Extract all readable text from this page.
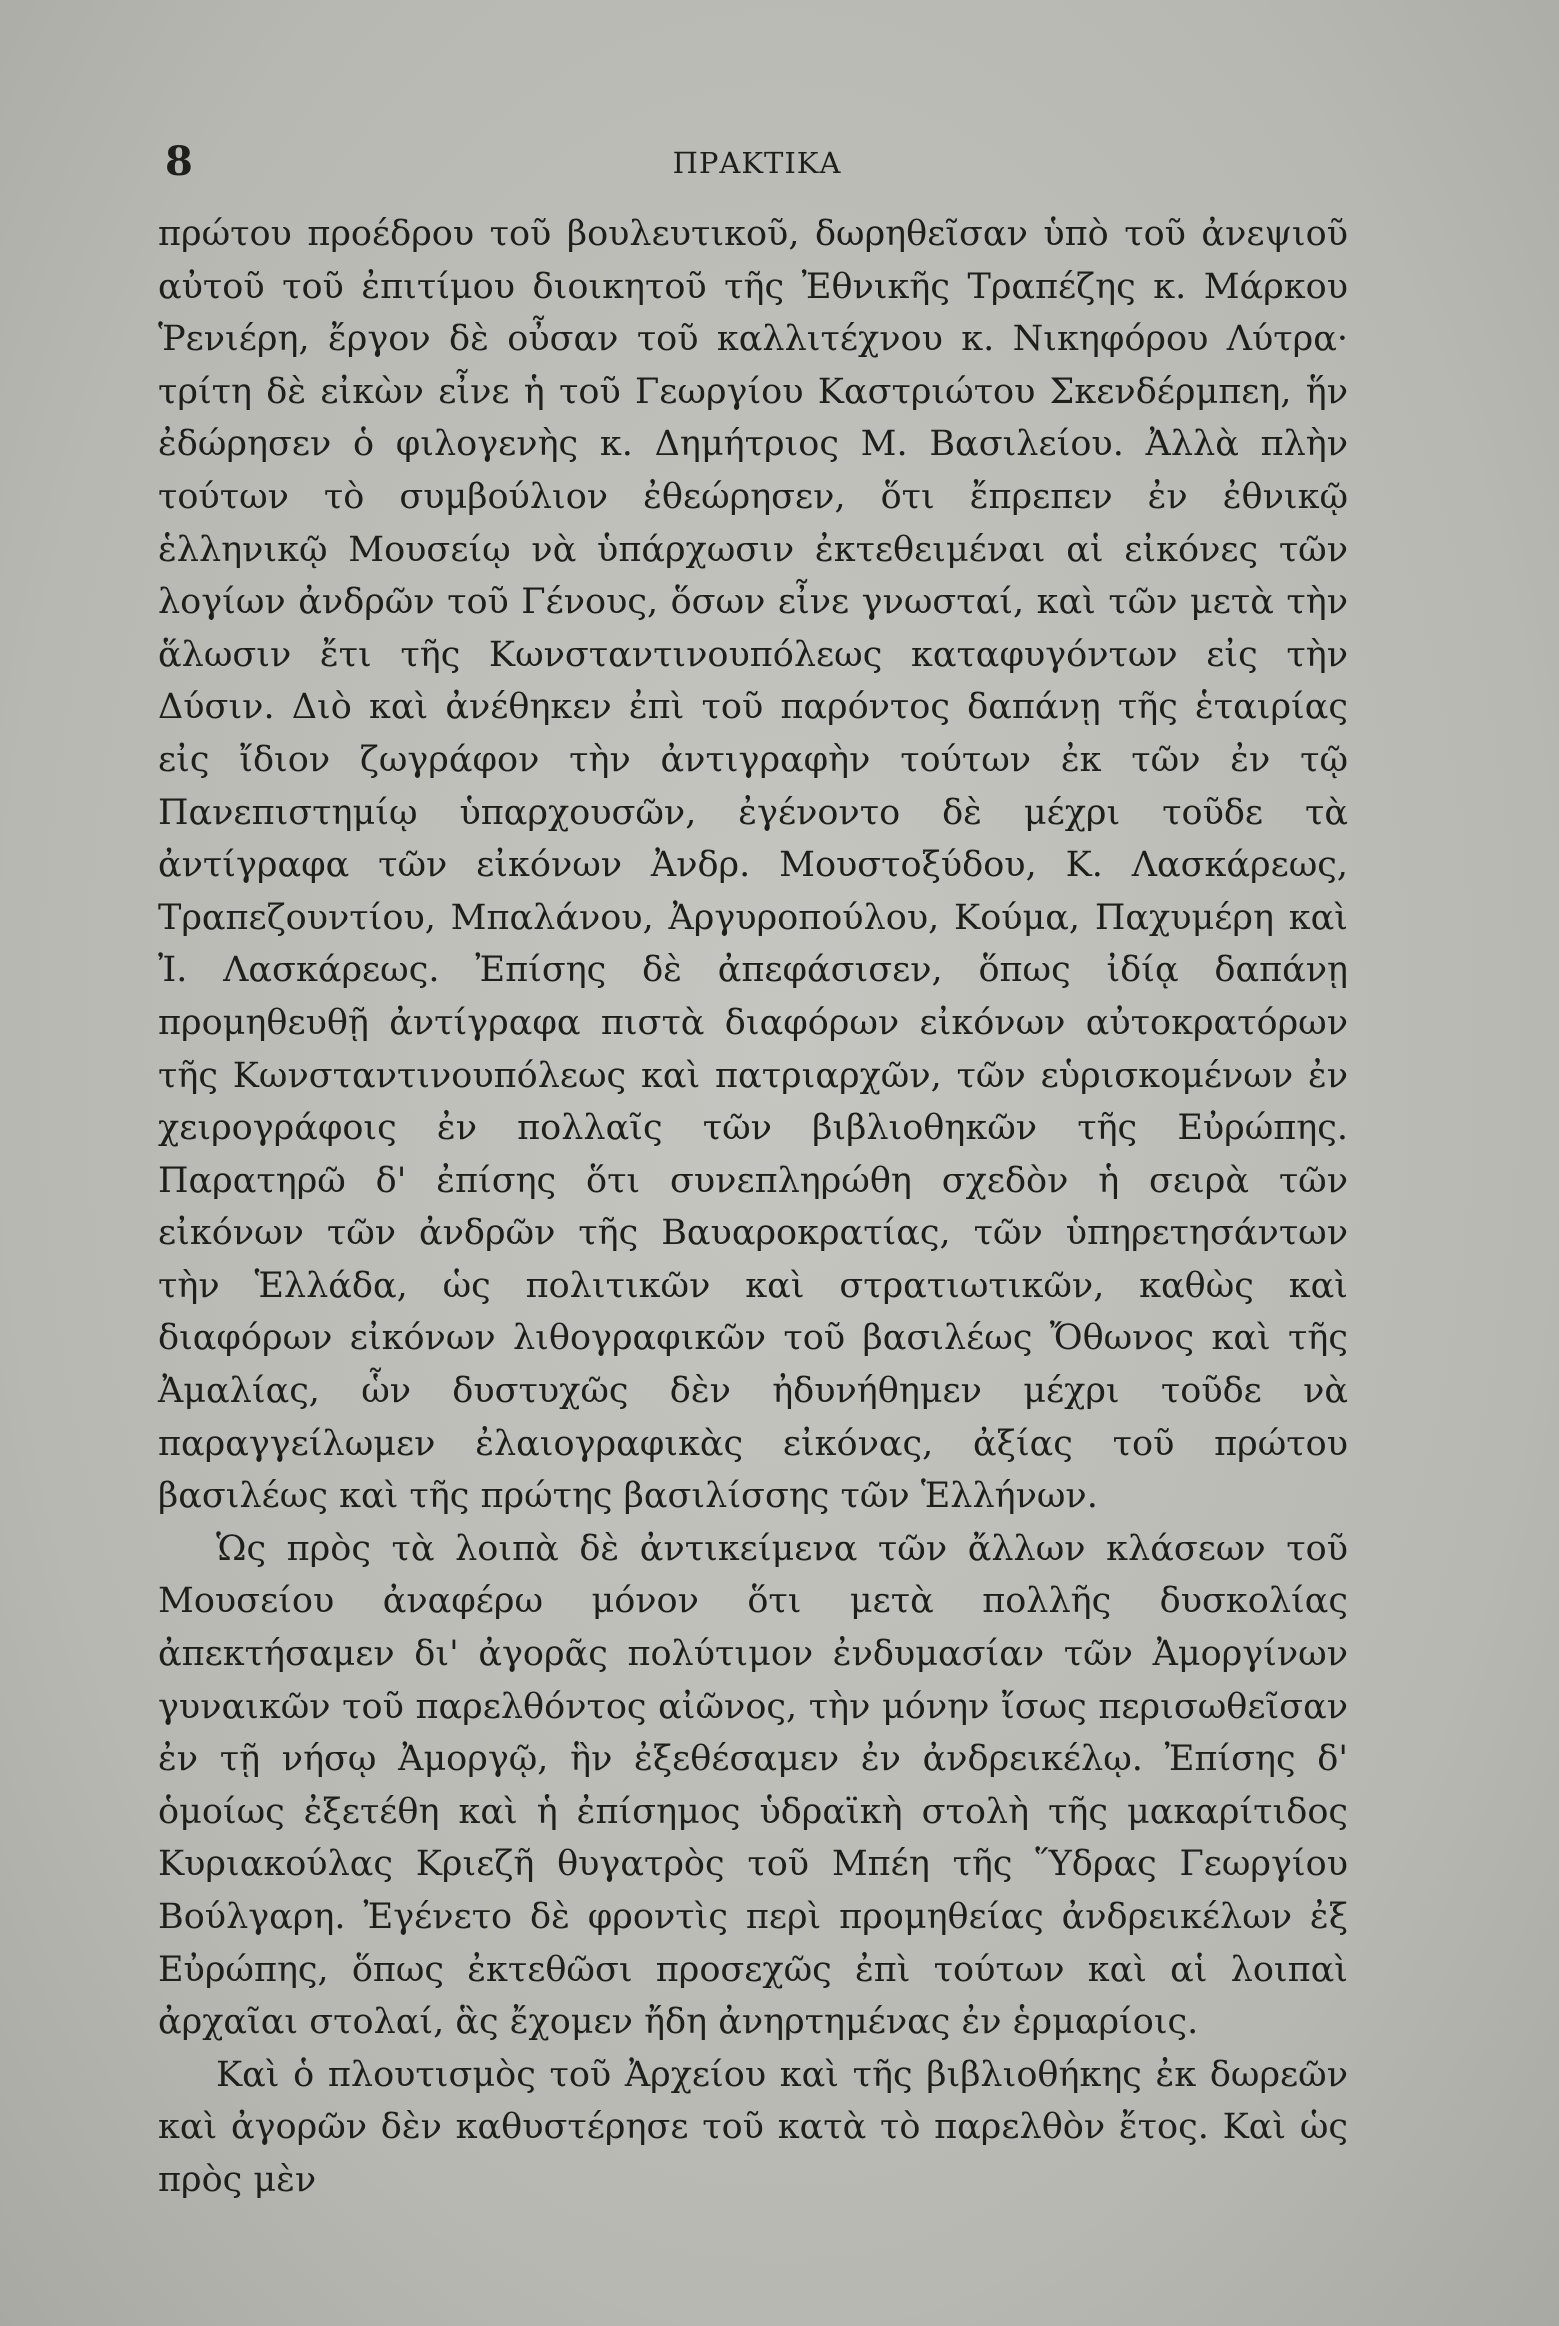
8	ΠΡΑΚΤΙΚΑ

πρώτου προέδρου τοῦ βουλευτικοῦ, δωρηθεῖσαν ὑπὸ τοῦ ἀνεψιοῦ αὐτοῦ τοῦ ἐπιτίμου διοικητοῦ τῆς Ἐθνικῆς Τραπέζης κ. Μάρκου Ῥενιέρη, ἔργον δὲ οὖσαν τοῦ καλλιτέχνου κ. Νικηφόρου Λύτρα· τρίτη δὲ εἰκὼν εἶνε ἡ τοῦ Γεωργίου Καστριώτου Σκενδέρμπεη, ἥν ἐδώρησεν ὁ φιλογενὴς κ. Δημήτριος Μ. Βασιλείου. Ἀλλὰ πλὴν τούτων τὸ συμβούλιον ἐθεώρησεν, ὅτι ἔπρεπεν ἐν ἐθνικῷ ἑλληνικῷ Μουσείῳ νὰ ὑπάρχωσιν ἐκτεθειμέναι αἱ εἰκόνες τῶν λογίων ἀνδρῶν τοῦ Γένους, ὅσων εἶνε γνωσταί, καὶ τῶν μετὰ τὴν ἅλωσιν ἔτι τῆς Κωνσταντινουπόλεως καταφυγόντων εἰς τὴν Δύσιν. Διὸ καὶ ἀνέθηκεν ἐπὶ τοῦ παρόντος δαπάνῃ τῆς ἑταιρίας εἰς ἴδιον ζωγράφον τὴν ἀντιγραφὴν τούτων ἐκ τῶν ἐν τῷ Πανεπιστημίῳ ὑπαρχουσῶν, ἐγένοντο δὲ μέχρι τοῦδε τὰ ἀντίγραφα τῶν εἰκόνων Ἀνδρ. Μουστοξύδου, Κ. Λασκάρεως, Τραπεζουντίου, Μπαλάνου, Ἀργυροπούλου, Κούμα, Παχυμέρη καὶ Ἰ. Λασκάρεως. Ἐπίσης δὲ ἀπεφάσισεν, ὅπως ἰδίᾳ δαπάνῃ προμηθευθῇ ἀντίγραφα πιστὰ διαφόρων εἰκόνων αὐτοκρατόρων τῆς Κωνσταντινουπόλεως καὶ πατριαρχῶν, τῶν εὑρισκομένων ἐν χειρογράφοις ἐν πολλαῖς τῶν βιβλιοθηκῶν τῆς Εὐρώπης. Παρατηρῶ δ' ἐπίσης ὅτι συνεπληρώθη σχεδὸν ἡ σειρὰ τῶν εἰκόνων τῶν ἀνδρῶν τῆς Βαυαροκρατίας, τῶν ὑπηρετησάντων τὴν Ἑλλάδα, ὡς πολιτικῶν καὶ στρατιωτικῶν, καθὼς καὶ διαφόρων εἰκόνων λιθογραφικῶν τοῦ βασιλέως Ὄθωνος καὶ τῆς Ἀμαλίας, ὧν δυστυχῶς δὲν ἠδυνήθημεν μέχρι τοῦδε νὰ παραγγείλωμεν ἐλαιογραφικὰς εἰκόνας, ἀξίας τοῦ πρώτου βασιλέως καὶ τῆς πρώτης βασιλίσσης τῶν Ἑλλήνων.

Ὡς πρὸς τὰ λοιπὰ δὲ ἀντικείμενα τῶν ἄλλων κλάσεων τοῦ Μουσείου ἀναφέρω μόνον ὅτι μετὰ πολλῆς δυσκολίας ἀπεκτήσαμεν δι' ἀγορᾶς πολύτιμον ἐνδυμασίαν τῶν Ἀμοργίνων γυναικῶν τοῦ παρελθόντος αἰῶνος, τὴν μόνην ἴσως περισωθεῖσαν ἐν τῇ νήσῳ Ἀμοργῷ, ἣν ἐξεθέσαμεν ἐν ἀνδρεικέλῳ. Ἐπίσης δ' ὁμοίως ἐξετέθη καὶ ἡ ἐπίσημος ὑδραϊκὴ στολὴ τῆς μακαρίτιδος Κυριακούλας Κριεζῆ θυγατρὸς τοῦ Μπέη τῆς Ὕδρας Γεωργίου Βούλγαρη. Ἐγένετο δὲ φροντὶς περὶ προμηθείας ἀνδρεικέλων ἐξ Εὐρώπης, ὅπως ἐκτεθῶσι προσεχῶς ἐπὶ τούτων καὶ αἱ λοιπαὶ ἀρχαῖαι στολαί, ἃς ἔχομεν ἤδη ἀνηρτημένας ἐν ἑρμαρίοις.

Καὶ ὁ πλουτισμὸς τοῦ Ἀρχείου καὶ τῆς βιβλιοθήκης ἐκ δωρεῶν καὶ ἀγορῶν δὲν καθυστέρησε τοῦ κατὰ τὸ παρελθὸν ἔτος. Καὶ ὡς πρὸς μὲν
